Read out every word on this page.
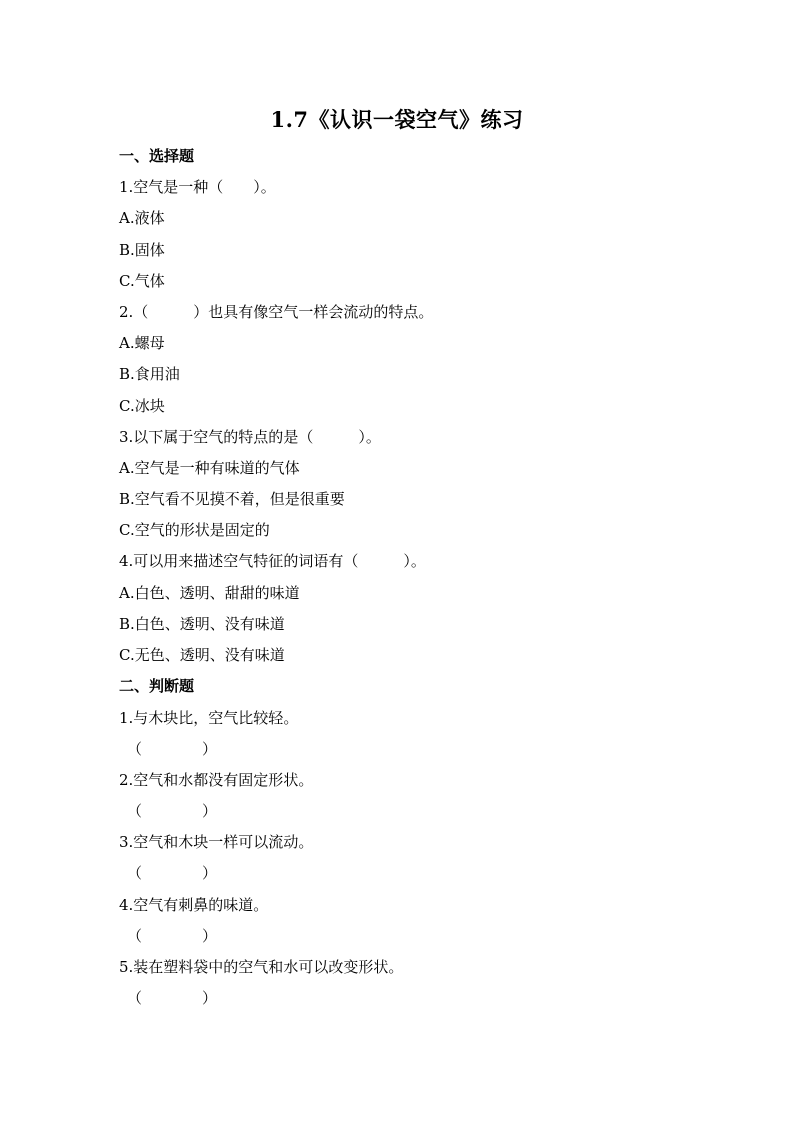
1.7《认识一袋空气》练习
一、选择题
1.空气是一种（　　）。
A.液体
B.固体
C.气体
2.（　　　）也具有像空气一样会流动的特点。
A.螺母
B.食用油
C.冰块
3.以下属于空气的特点的是（　　　）。
A.空气是一种有味道的气体
B.空气看不见摸不着，但是很重要
C.空气的形状是固定的
4.可以用来描述空气特征的词语有（　　　）。
A.白色、透明、甜甜的味道
B.白色、透明、没有味道
C.无色、透明、没有味道
二、判断题
1.与木块比，空气比较轻。
（　　　　）
2.空气和水都没有固定形状。
（　　　　）
3.空气和木块一样可以流动。
（　　　　）
4.空气有刺鼻的味道。
（　　　　）
5.装在塑料袋中的空气和水可以改变形状。
（　　　　）
